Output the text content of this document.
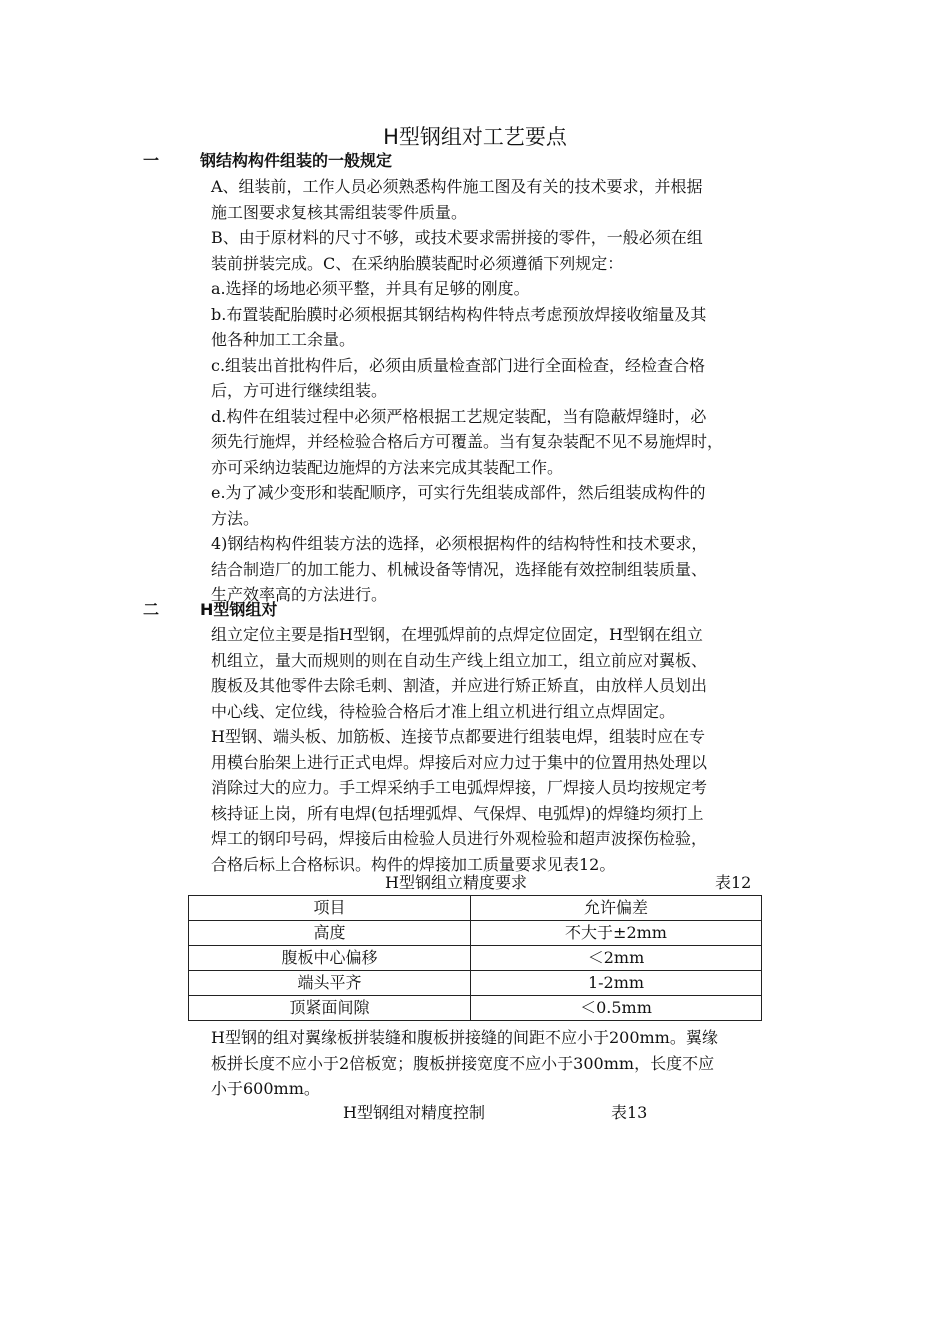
H型钢组对工艺要点
一	钢结构构件组装的一般规定
A、组装前，工作人员必须熟悉构件施工图及有关的技术要求，并根据
施工图要求复核其需组装零件质量。
B、由于原材料的尺寸不够，或技术要求需拼接的零件，一般必须在组
装前拼装完成。C、在采纳胎膜装配时必须遵循下列规定：
a.选择的场地必须平整，并具有足够的刚度。
b.布置装配胎膜时必须根据其钢结构构件特点考虑预放焊接收缩量及其
他各种加工工余量。
c.组装出首批构件后，必须由质量检查部门进行全面检查，经检查合格
后，方可进行继续组装。
d.构件在组装过程中必须严格根据工艺规定装配，当有隐蔽焊缝时，必
须先行施焊，并经检验合格后方可覆盖。当有复杂装配不见不易施焊时，
亦可采纳边装配边施焊的方法来完成其装配工作。
e.为了减少变形和装配顺序，可实行先组装成部件，然后组装成构件的
方法。
4)钢结构构件组装方法的选择，必须根据构件的结构特性和技术要求，
结合制造厂的加工能力、机械设备等情况，选择能有效控制组装质量、
生产效率高的方法进行。
二	H型钢组对
组立定位主要是指H型钢，在埋弧焊前的点焊定位固定，H型钢在组立
机组立，量大而规则的则在自动生产线上组立加工，组立前应对翼板、
腹板及其他零件去除毛刺、割渣，并应进行矫正矫直，由放样人员划出
中心线、定位线，待检验合格后才准上组立机进行组立点焊固定。
H型钢、端头板、加筋板、连接节点都要进行组装电焊，组装时应在专
用模台胎架上进行正式电焊。焊接后对应力过于集中的位置用热处理以
消除过大的应力。手工焊采纳手工电弧焊焊接，厂焊接人员均按规定考
核持证上岗，所有电焊(包括埋弧焊、气保焊、电弧焊)的焊缝均须打上
焊工的钢印号码，焊接后由检验人员进行外观检验和超声波探伤检验，
合格后标上合格标识。构件的焊接加工质量要求见表12。
H型钢组立精度要求	表12
项目	允许偏差
高度	不大于±2mm
腹板中心偏移	＜2mm
端头平齐	1-2mm
顶紧面间隙	＜0.5mm
H型钢的组对翼缘板拼装缝和腹板拼接缝的间距不应小于200mm。翼缘
板拼长度不应小于2倍板宽；腹板拼接宽度不应小于300mm，长度不应
小于600mm。
H型钢组对精度控制	表13
